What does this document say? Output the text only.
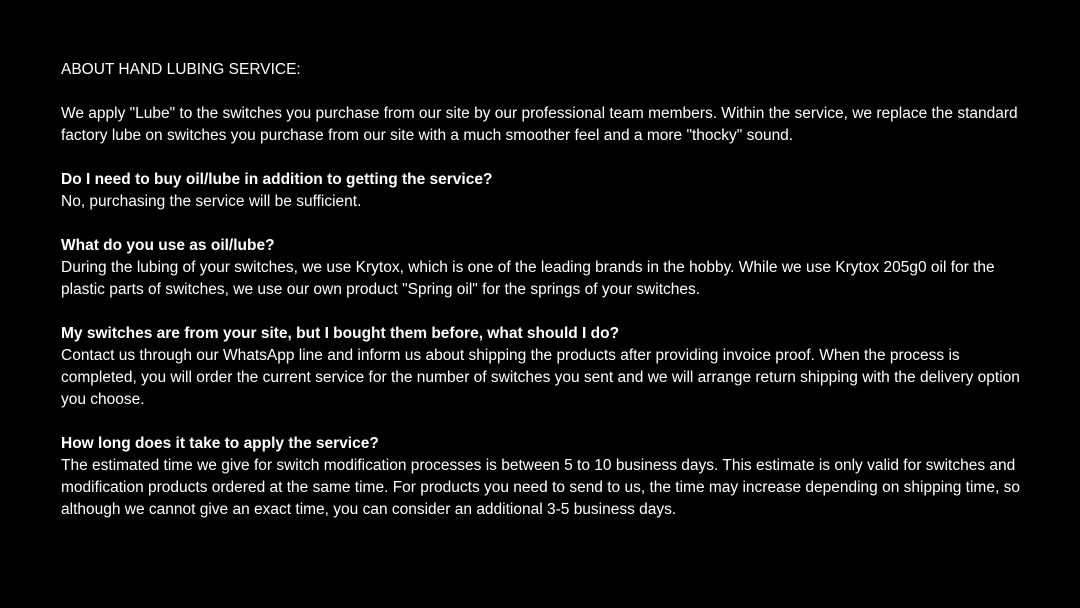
ABOUT HAND LUBING SERVICE:

We apply "Lube" to the switches you purchase from our site by our professional team members. Within the service, we replace the standard factory lube on switches you purchase from our site with a much smoother feel and a more "thocky" sound.

Do I need to buy oil/lube in addition to getting the service?

No, purchasing the service will be sufficient.

What do you use as oil/lube?

During the lubing of your switches, we use Krytox, which is one of the leading brands in the hobby. While we use Krytox 205g0 oil for the plastic parts of switches, we use our own product "Spring oil" for the springs of your switches.

My switches are from your site, but I bought them before, what should I do?

Contact us through our WhatsApp line and inform us about shipping the products after providing invoice proof. When the process is completed, you will order the current service for the number of switches you sent and we will arrange return shipping with the delivery option you choose.

How long does it take to apply the service?

The estimated time we give for switch modification processes is between 5 to 10 business days. This estimate is only valid for switches and modification products ordered at the same time. For products you need to send to us, the time may increase depending on shipping time, so although we cannot give an exact time, you can consider an additional 3-5 business days.
